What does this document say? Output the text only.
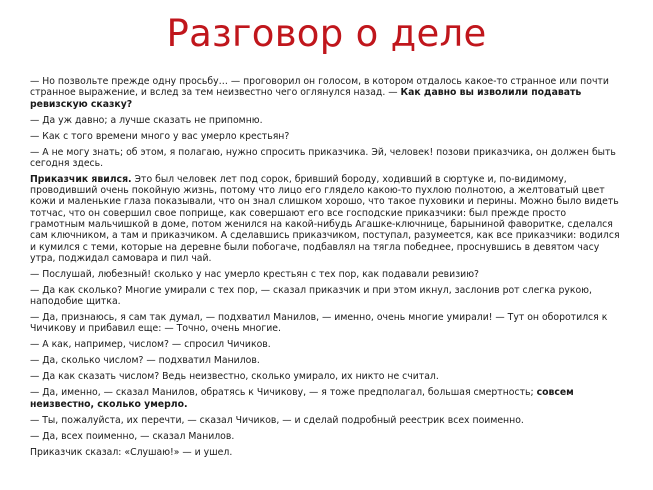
Разговор о деле

— Но позвольте прежде одну просьбу… — проговорил он голосом, в котором отдалось какое-то странное или почти странное выражение, и вслед за тем неизвестно чего оглянулся назад. — Как давно вы изволили подавать ревизскую сказку?

— Да уж давно; а лучше сказать не припомню.

— Как с того времени много у вас умерло крестьян?

— А не могу знать; об этом, я полагаю, нужно спросить приказчика. Эй, человек! позови приказчика, он должен быть сегодня здесь.

Приказчик явился. Это был человек лет под сорок, бривший бороду, ходивший в сюртуке и, по-видимому, проводивший очень покойную жизнь, потому что лицо его глядело какою-то пухлою полнотою, а желтоватый цвет кожи и маленькие глаза показывали, что он знал слишком хорошо, что такое пуховики и перины. Можно было видеть тотчас, что он совершил свое поприще, как совершают его все господские приказчики: был прежде просто грамотным мальчишкой в доме, потом женился на какой-нибудь Агашке-ключнице, барыниной фаворитке, сделался сам ключником, а там и приказчиком. А сделавшись приказчиком, поступал, разумеется, как все приказчики: водился и кумился с теми, которые на деревне были побогаче, подбавлял на тягла победнее, проснувшись в девятом часу утра, поджидал самовара и пил чай.

— Послушай, любезный! сколько у нас умерло крестьян с тех пор, как подавали ревизию?

— Да как сколько? Многие умирали с тех пор, — сказал приказчик и при этом икнул, заслонив рот слегка рукою, наподобие щитка.

— Да, признаюсь, я сам так думал, — подхватил Манилов, — именно, очень многие умирали! — Тут он оборотился к Чичикову и прибавил еще: — Точно, очень многие.

— А как, например, числом? — спросил Чичиков.

— Да, сколько числом? — подхватил Манилов.

— Да как сказать числом? Ведь неизвестно, сколько умирало, их никто не считал.

— Да, именно, — сказал Манилов, обратясь к Чичикову, — я тоже предполагал, большая смертность; совсем неизвестно, сколько умерло.

— Ты, пожалуйста, их перечти, — сказал Чичиков, — и сделай подробный реестрик всех поименно.

— Да, всех поименно, — сказал Манилов.

Приказчик сказал: «Слушаю!» — и ушел.
